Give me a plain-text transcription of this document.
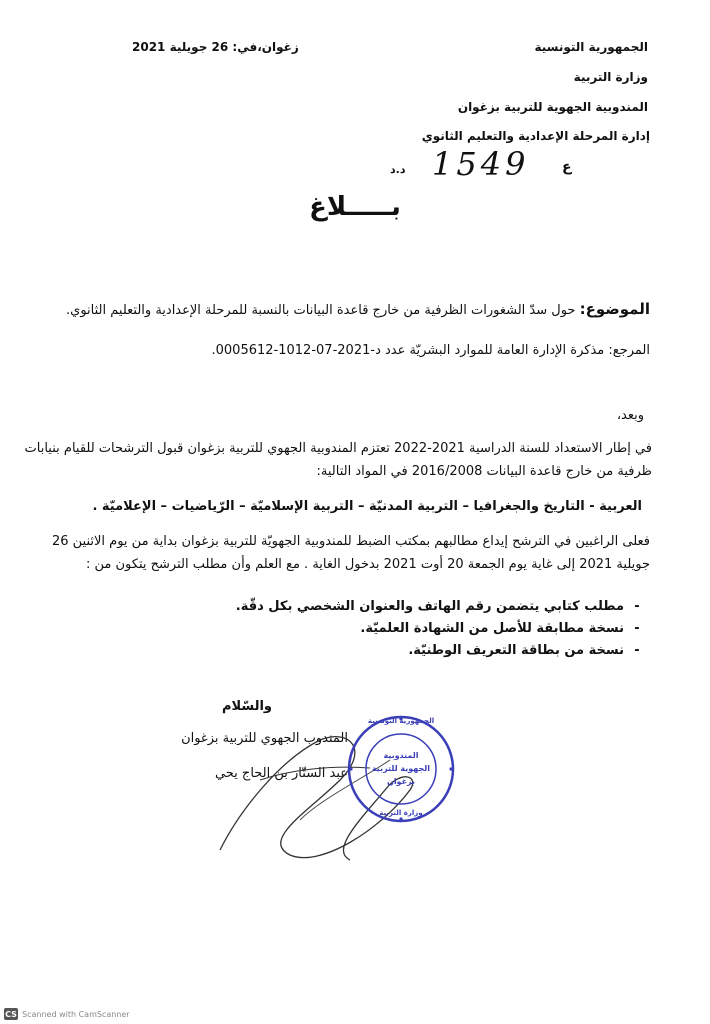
الجمهورية التونسية
وزارة التربية
المندوبية الجهوية للتربية بزغوان
إدارة المرحلة الإعدادية والتعليم الثانوي
زغوان،في: 26 جويلية 2021
د.د 1549 ع
بـــــلاغ
الموضوع: حول سدّ الشغورات الظرفية من خارج قاعدة البيانات بالنسبة للمرحلة الإعدادية والتعليم الثانوي.
المرجع: مذكرة الإدارة العامة للموارد البشريّة عدد د-2021-07-1012-0005612.
وبعد،
في إطار الاستعداد للسنة الدراسية 2021-2022 تعتزم المندوبية الجهوي للتربية بزغوان قبول الترشحات للقيام بنيابات
ظرفية من خارج قاعدة البيانات 2016/2008 في المواد التالية:
العربية - التاريخ والجغرافيا – التربية المدنيّة – التربية الإسلاميّة – الرّياضيات – الإعلاميّة .
فعلى الراغبين في الترشح إيداع مطالبهم بمكتب الضبط للمندوبية الجهويّة للتربية بزغوان بداية من يوم الاثنين 26
جويلية 2021 إلى غاية يوم الجمعة 20 أوت 2021 بدخول الغاية . مع العلم وأن مطلب الترشح يتكون من :
-مطلب كتابي يتضمن رقم الهاتف والعنوان الشخصي بكل دقّة.
-نسخة مطابقة للأصل من الشهادة العلميّة.
-نسخة من بطاقة التعريف الوطنيّة.
والسّلام
المندوب الجهوي للتربية بزغوان
عبد الستّار بن الحاج يحي
الجمهورية التونسية
المندوبية
الجهوية للتربية
بزغوان
وزارة التربية
CS Scanned with CamScanner
